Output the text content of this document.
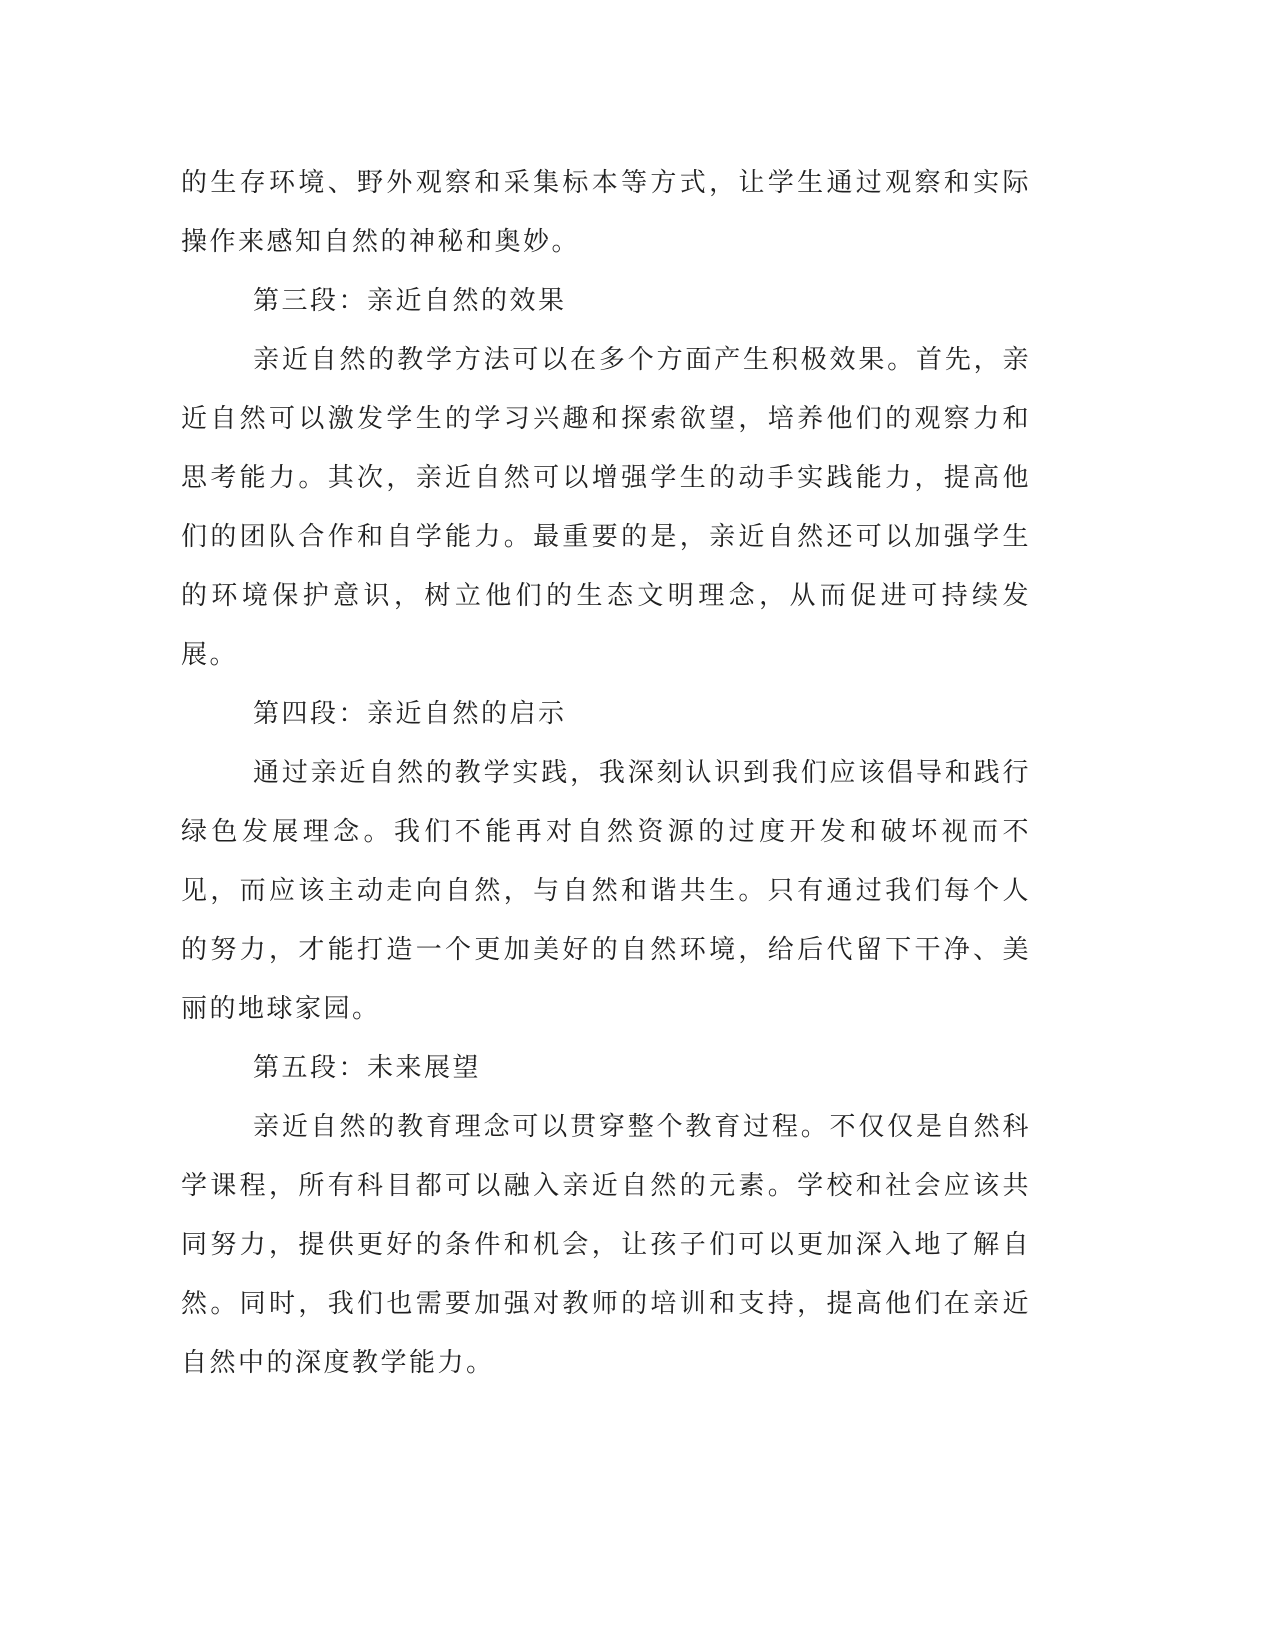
的生存环境、野外观察和采集标本等方式，让学生通过观察和实际操作来感知自然的神秘和奥妙。

第三段：亲近自然的效果

亲近自然的教学方法可以在多个方面产生积极效果。首先，亲近自然可以激发学生的学习兴趣和探索欲望，培养他们的观察力和思考能力。其次，亲近自然可以增强学生的动手实践能力，提高他们的团队合作和自学能力。最重要的是，亲近自然还可以加强学生的环境保护意识，树立他们的生态文明理念，从而促进可持续发展。

第四段：亲近自然的启示

通过亲近自然的教学实践，我深刻认识到我们应该倡导和践行绿色发展理念。我们不能再对自然资源的过度开发和破坏视而不见，而应该主动走向自然，与自然和谐共生。只有通过我们每个人的努力，才能打造一个更加美好的自然环境，给后代留下干净、美丽的地球家园。

第五段：未来展望

亲近自然的教育理念可以贯穿整个教育过程。不仅仅是自然科学课程，所有科目都可以融入亲近自然的元素。学校和社会应该共同努力，提供更好的条件和机会，让孩子们可以更加深入地了解自然。同时，我们也需要加强对教师的培训和支持，提高他们在亲近自然中的深度教学能力。
